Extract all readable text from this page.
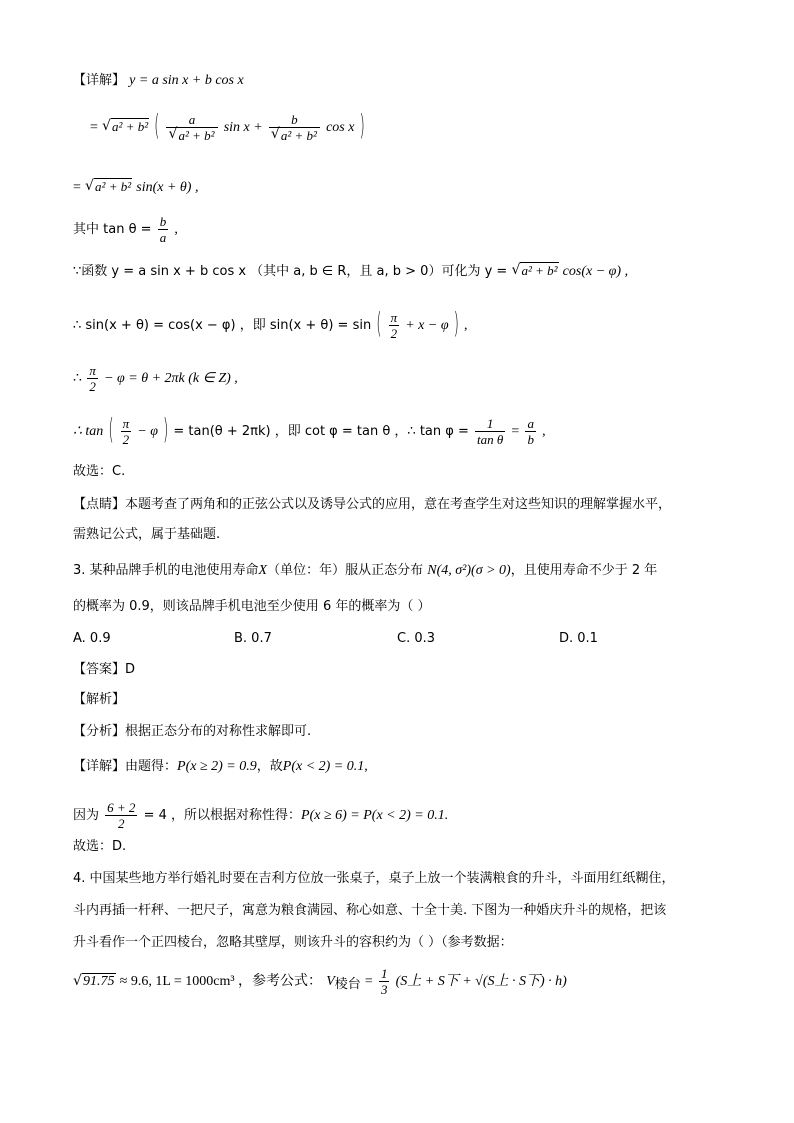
【详解】 y = a sin x + b cos x
= √ a² + b² ( a
√ a² + b² sin x + b
√ a² + b² cos x )
= √ a² + b² sin(x + θ) ,
其中 $\tan \theta = \frac{b}{a}$ ,
∵函数 y = a sin x + b cos x （其中 a, b ∈ R，且 a, b > 0）可化为 y = √ a² + b² cos(x − φ) ,
∴ sin(x + θ) = cos(x − φ) ，即 sin(x + θ) = sin ( $\frac{\pi}{2} + x - \varphi$ ) ,
∴ $\frac{\pi}{2} - \varphi = \theta + 2\pi k$ (k ∈ Z) ,
∴ tan ( $\frac{\pi}{2} - \varphi$ ) = tan(θ + 2πk) ，即 cot φ = tan θ ，∴ $\tan \varphi = \frac{1}{\text{tan θ}} = \frac{a}{b}$ ,
故选：C.
【点睛】本题考查了两角和的正弦公式以及诱导公式的应用，意在考查学生对这些知识的理解掌握水平，
需熟记公式，属于基础题.
3. 某种品牌手机的电池使用寿命X（单位：年）服从正态分布 N(4, σ²)(σ > 0)，且使用寿命不少于 2 年
的概率为 0.9，则该品牌手机电池至少使用 6 年的概率为（ ）
A. 0.9	B. 0.7	C. 0.3	D. 0.1
【答案】D
【解析】
【分析】根据正态分布的对称性求解即可.
【详解】由题得：P(x ≥ 2) = 0.9，故P(x < 2) = 0.1,
因为 $\frac{6 + 2}{2} = 4$ ，所以根据对称性得：P(x ≥ 6) = P(x < 2) = 0.1.
故选：D.
4. 中国某些地方举行婚礼时要在吉利方位放一张桌子，桌子上放一个装满粮食的升斗，斗面用红纸糊住，
斗内再插一杆秤、一把尺子，寓意为粮食满园、称心如意、十全十美. 下图为一种婚庆升斗的规格，把该
升斗看作一个正四棱台，忽略其壁厚，则该升斗的容积约为（ ）（参考数据：
√ 91.75 ≈ 9.6, 1L = 1000cm³ ，参考公式： V棱台 = $\frac{1}{3} (S$上 + S下 + √(S上 · S下) · h)
